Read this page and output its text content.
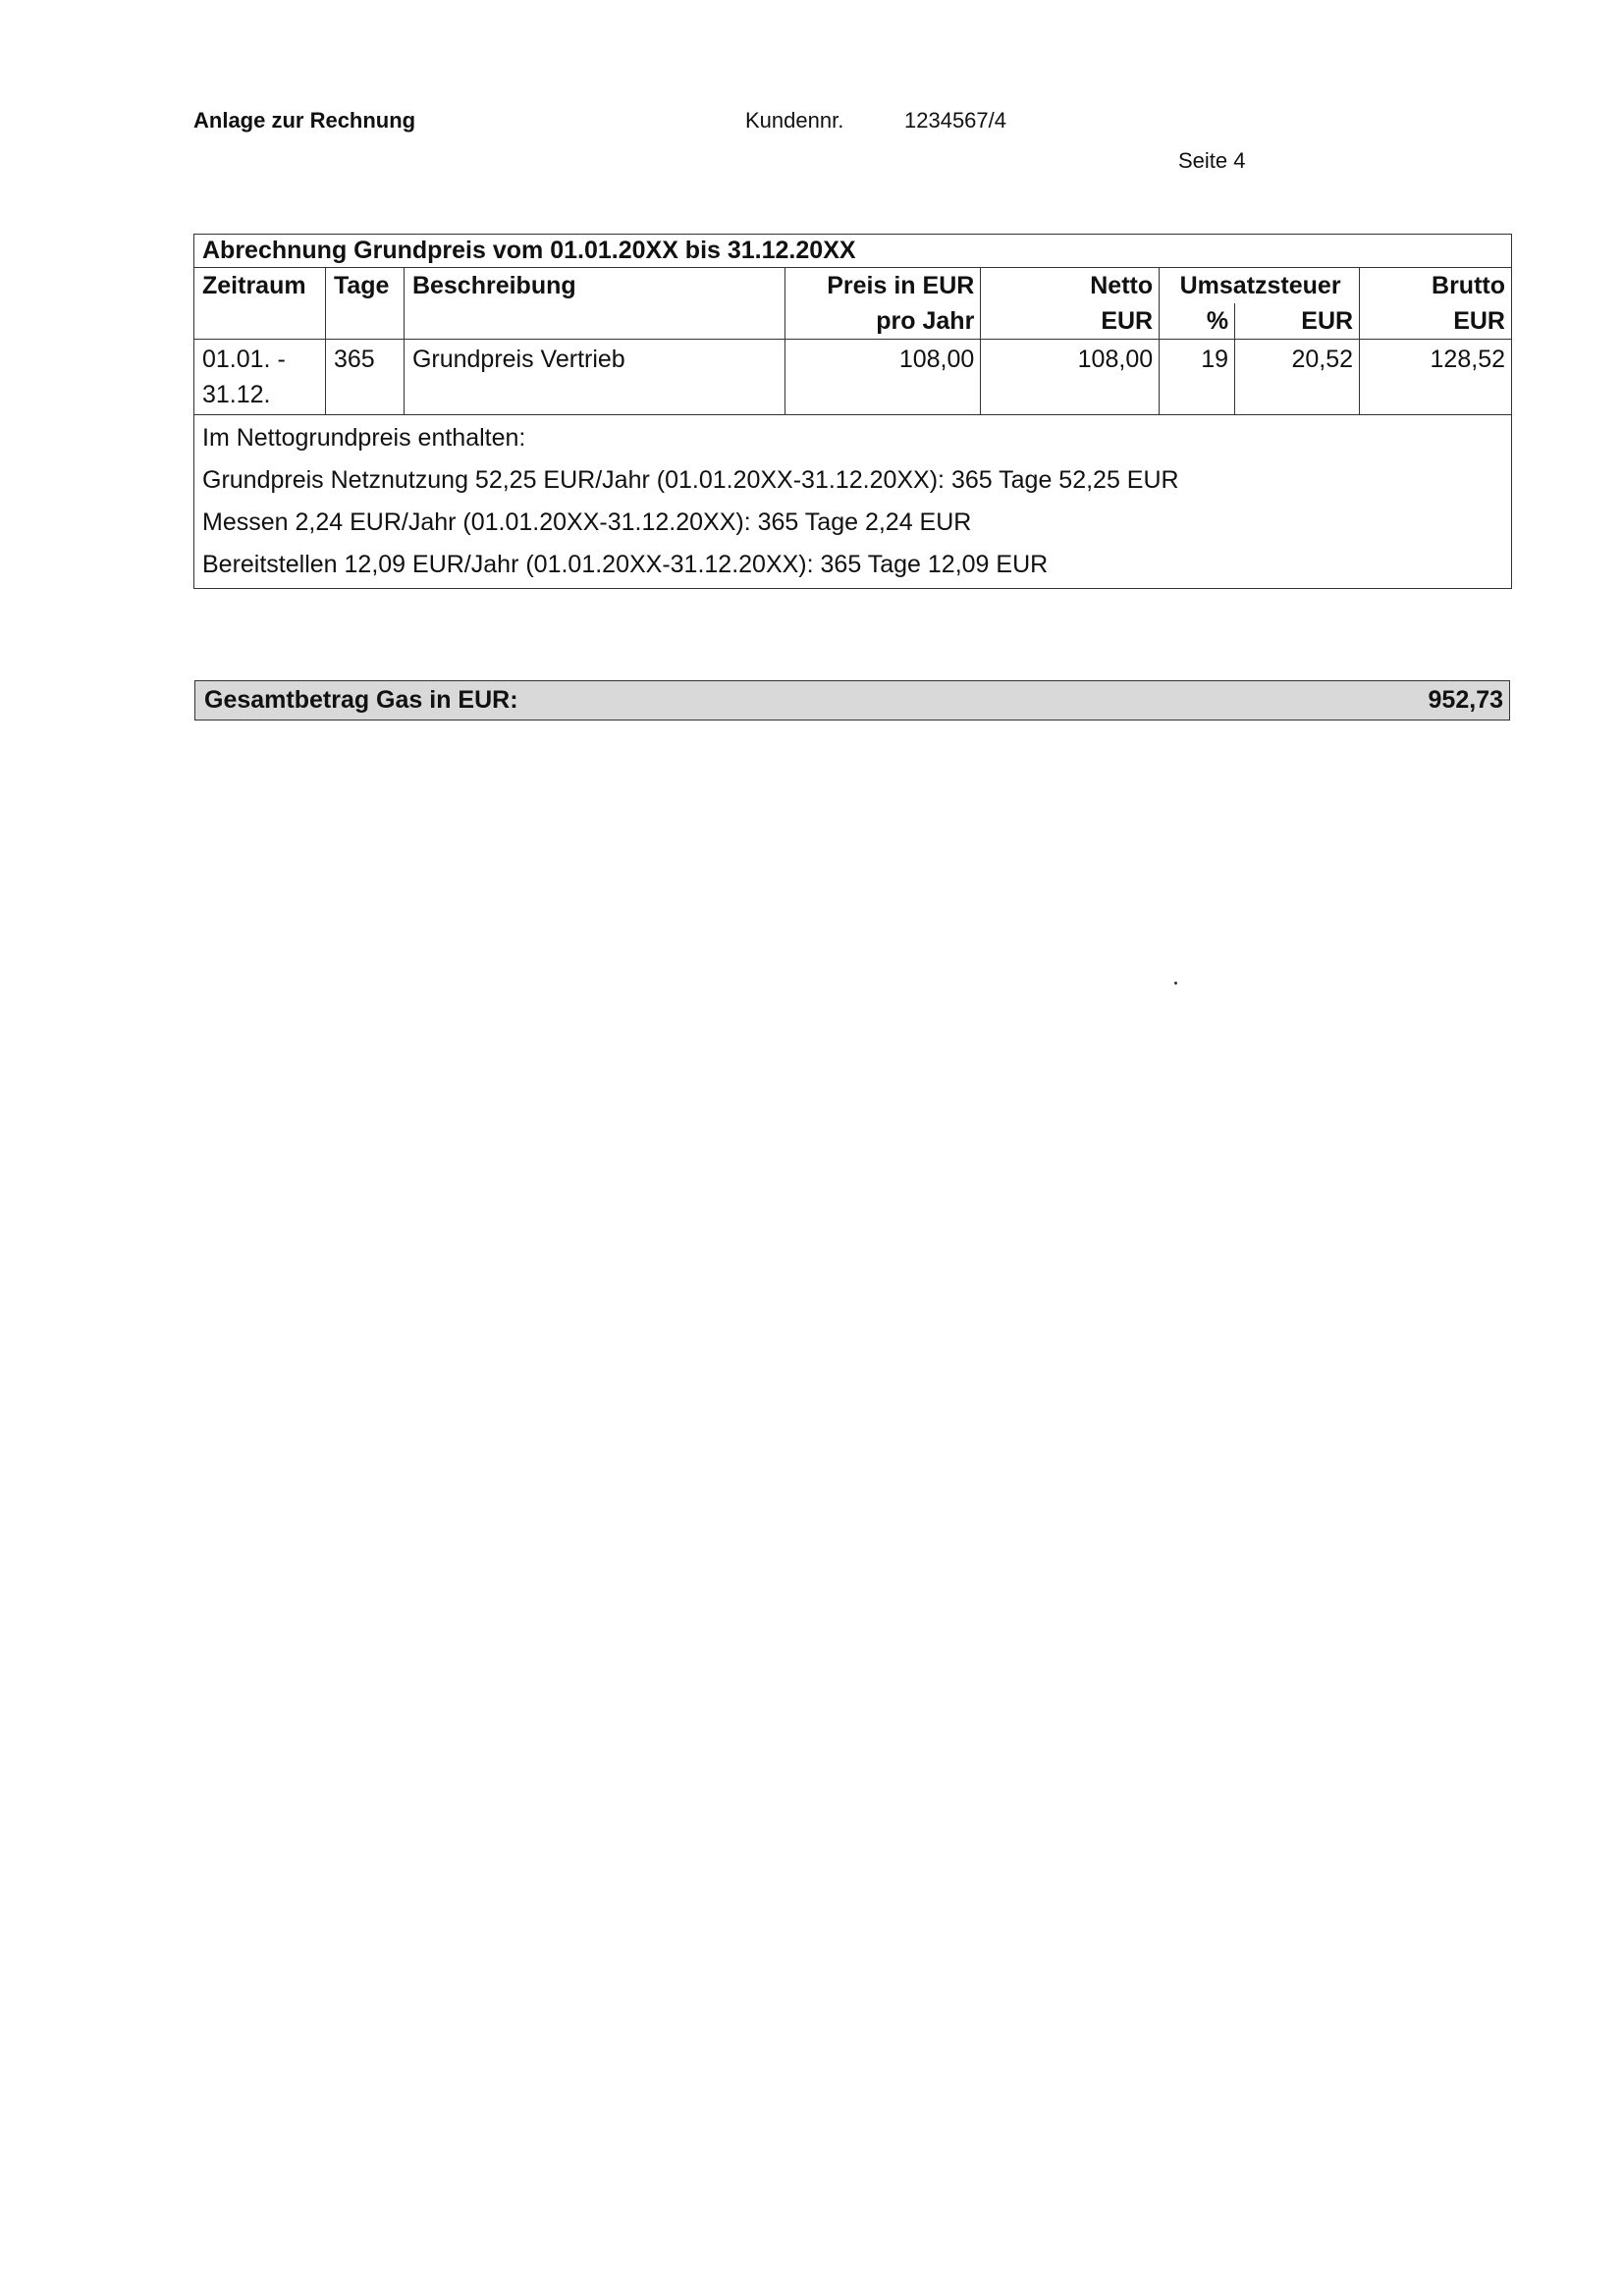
Anlage zur Rechnung	Kundennr.	1234567/4
Seite 4
Abrechnung Grundpreis vom 01.01.20XX bis 31.12.20XX							
Zeitraum	Tage	Beschreibung	Preis in EUR	Netto	Umsatzsteuer		Brutto
			pro Jahr	EUR	%	EUR	EUR
01.01. -
31.12.	365	Grundpreis Vertrieb	108,00	108,00	19	20,52	128,52

Im Nettogrundpreis enthalten:
Grundpreis Netznutzung 52,25 EUR/Jahr (01.01.20XX-31.12.20XX): 365 Tage 52,25 EUR
Messen 2,24 EUR/Jahr (01.01.20XX-31.12.20XX): 365 Tage 2,24 EUR
Bereitstellen 12,09 EUR/Jahr (01.01.20XX-31.12.20XX): 365 Tage 12,09 EUR							
Gesamtbetrag Gas in EUR:	952,73
